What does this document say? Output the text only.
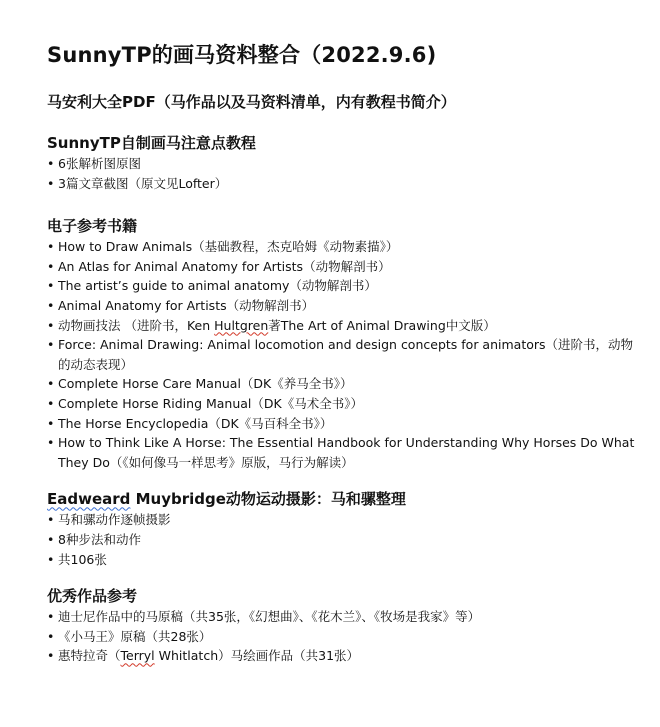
SunnyTP的画马资料整合（2022.9.6)
马安利大全PDF（马作品以及马资料清单，内有教程书简介）
SunnyTP自制画马注意点教程
• 6张解析图原图
• 3篇文章截图（原文见Lofter）
电子参考书籍
• How to Draw Animals（基础教程，杰克哈姆《动物素描》）
• An Atlas for Animal Anatomy for Artists（动物解剖书）
• The artist’s guide to animal anatomy（动物解剖书）
• Animal Anatomy for Artists（动物解剖书）
• 动物画技法 （进阶书，Ken Hultgren著The Art of Animal Drawing中文版）
• Force: Animal Drawing: Animal locomotion and design concepts for animators（进阶书，动物的动态表现）
• Complete Horse Care Manual（DK《养马全书》）
• Complete Horse Riding Manual（DK《马术全书》）
• The Horse Encyclopedia（DK《马百科全书》）
• How to Think Like A Horse: The Essential Handbook for Understanding Why Horses Do What They Do（《如何像马一样思考》原版，马行为解读）
Eadweard Muybridge动物运动摄影：马和骡整理
• 马和骡动作逐帧摄影
• 8种步法和动作
• 共106张
优秀作品参考
• 迪士尼作品中的马原稿（共35张，《幻想曲》、《花木兰》、《牧场是我家》等）
• 《小马王》原稿（共28张）
• 惠特拉奇（Terryl Whitlatch）马绘画作品（共31张）
